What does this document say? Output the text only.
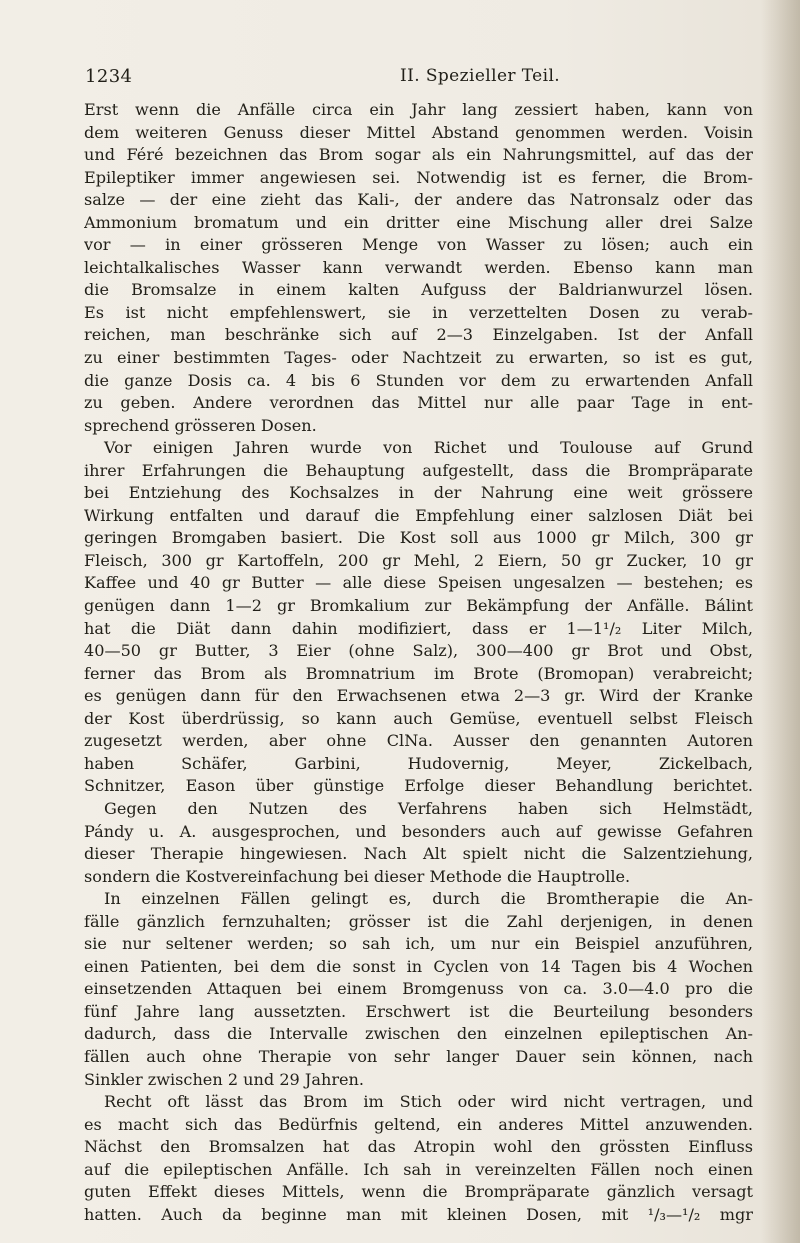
1234	II. Spezieller Teil.
Erst wenn die Anfälle circa ein Jahr lang zessiert haben, kann von
dem weiteren Genuss dieser Mittel Abstand genommen werden. Voisin
und Féré bezeichnen das Brom sogar als ein Nahrungsmittel, auf das der
Epileptiker immer angewiesen sei. Notwendig ist es ferner, die Brom-
salze — der eine zieht das Kali-, der andere das Natronsalz oder das
Ammonium bromatum und ein dritter eine Mischung aller drei Salze
vor — in einer grösseren Menge von Wasser zu lösen; auch ein
leichtalkalisches Wasser kann verwandt werden. Ebenso kann man
die Bromsalze in einem kalten Aufguss der Baldrianwurzel lösen.
Es ist nicht empfehlenswert, sie in verzettelten Dosen zu verab-
reichen, man beschränke sich auf 2—3 Einzelgaben. Ist der Anfall
zu einer bestimmten Tages- oder Nachtzeit zu erwarten, so ist es gut,
die ganze Dosis ca. 4 bis 6 Stunden vor dem zu erwartenden Anfall
zu geben. Andere verordnen das Mittel nur alle paar Tage in ent-
sprechend grösseren Dosen.
Vor einigen Jahren wurde von Richet und Toulouse auf Grund
ihrer Erfahrungen die Behauptung aufgestellt, dass die Brompräparate
bei Entziehung des Kochsalzes in der Nahrung eine weit grössere
Wirkung entfalten und darauf die Empfehlung einer salzlosen Diät bei
geringen Bromgaben basiert. Die Kost soll aus 1000 gr Milch, 300 gr
Fleisch, 300 gr Kartoffeln, 200 gr Mehl, 2 Eiern, 50 gr Zucker, 10 gr
Kaffee und 40 gr Butter — alle diese Speisen ungesalzen — bestehen; es
genügen dann 1—2 gr Bromkalium zur Bekämpfung der Anfälle. Bálint
hat die Diät dann dahin modifiziert, dass er 1—1¹/₂ Liter Milch,
40—50 gr Butter, 3 Eier (ohne Salz), 300—400 gr Brot und Obst,
ferner das Brom als Bromnatrium im Brote (Bromopan) verabreicht;
es genügen dann für den Erwachsenen etwa 2—3 gr. Wird der Kranke
der Kost überdrüssig, so kann auch Gemüse, eventuell selbst Fleisch
zugesetzt werden, aber ohne ClNa. Ausser den genannten Autoren
haben Schäfer, Garbini, Hudovernig, Meyer, Zickelbach,
Schnitzer, Eason über günstige Erfolge dieser Behandlung berichtet.
Gegen den Nutzen des Verfahrens haben sich Helmstädt,
Pándy u. A. ausgesprochen, und besonders auch auf gewisse Gefahren
dieser Therapie hingewiesen. Nach Alt spielt nicht die Salzentziehung,
sondern die Kostvereinfachung bei dieser Methode die Hauptrolle.
In einzelnen Fällen gelingt es, durch die Bromtherapie die An-
fälle gänzlich fernzuhalten; grösser ist die Zahl derjenigen, in denen
sie nur seltener werden; so sah ich, um nur ein Beispiel anzuführen,
einen Patienten, bei dem die sonst in Cyclen von 14 Tagen bis 4 Wochen
einsetzenden Attaquen bei einem Bromgenuss von ca. 3.0—4.0 pro die
fünf Jahre lang aussetzten. Erschwert ist die Beurteilung besonders
dadurch, dass die Intervalle zwischen den einzelnen epileptischen An-
fällen auch ohne Therapie von sehr langer Dauer sein können, nach
Sinkler zwischen 2 und 29 Jahren.
Recht oft lässt das Brom im Stich oder wird nicht vertragen, und
es macht sich das Bedürfnis geltend, ein anderes Mittel anzuwenden.
Nächst den Bromsalzen hat das Atropin wohl den grössten Einfluss
auf die epileptischen Anfälle. Ich sah in vereinzelten Fällen noch einen
guten Effekt dieses Mittels, wenn die Brompräparate gänzlich versagt
hatten. Auch da beginne man mit kleinen Dosen, mit ¹/₃—¹/₂ mgr
